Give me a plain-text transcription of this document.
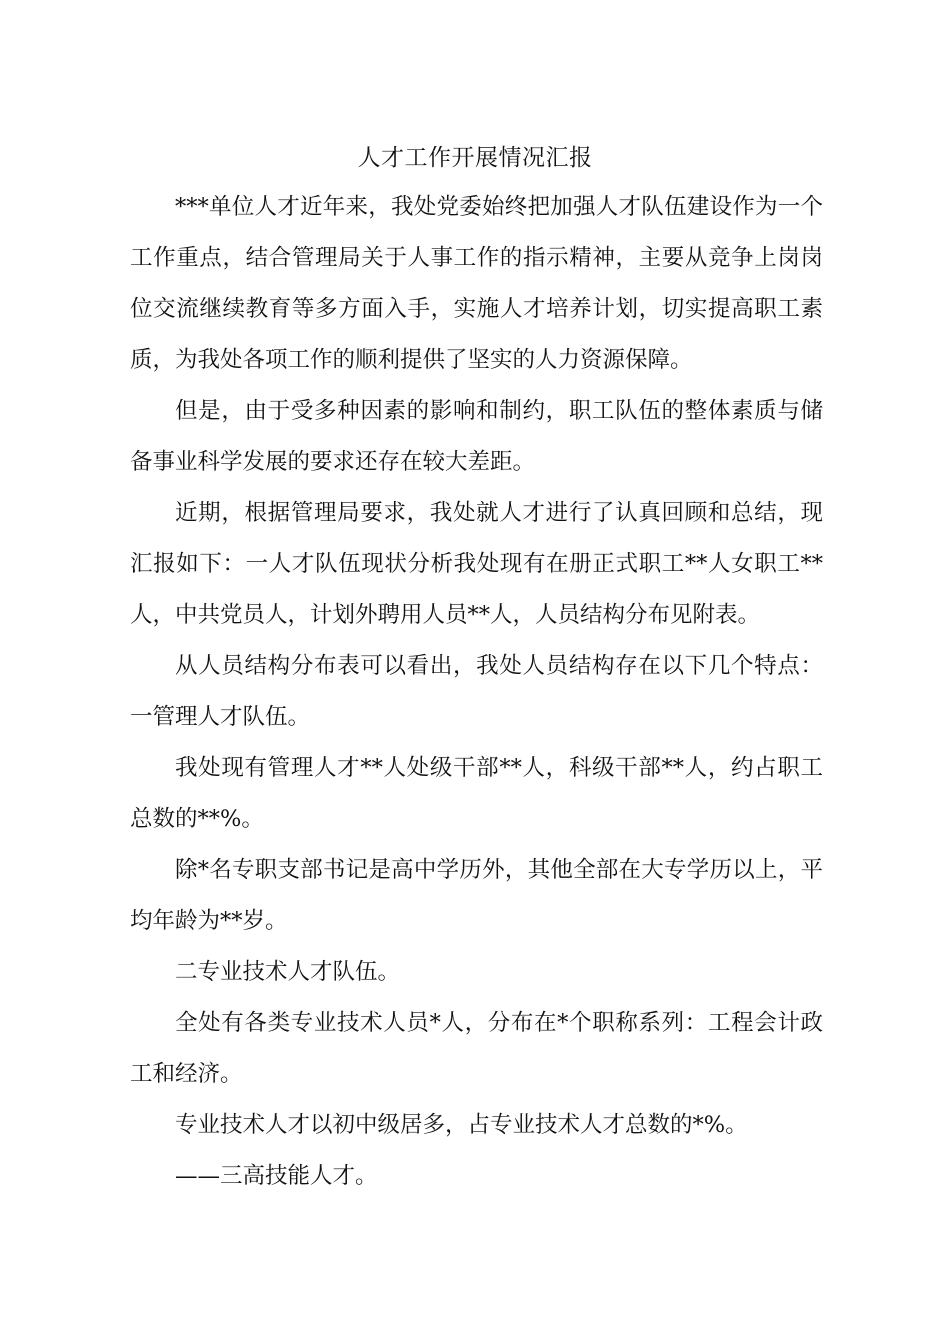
人才工作开展情况汇报

***单位人才近年来，我处党委始终把加强人才队伍建设作为一个工作重点，结合管理局关于人事工作的指示精神，主要从竞争上岗岗位交流继续教育等多方面入手，实施人才培养计划，切实提高职工素质，为我处各项工作的顺利提供了坚实的人力资源保障。

但是，由于受多种因素的影响和制约，职工队伍的整体素质与储备事业科学发展的要求还存在较大差距。

近期，根据管理局要求，我处就人才进行了认真回顾和总结，现汇报如下：一人才队伍现状分析我处现有在册正式职工**人女职工**人，中共党员人，计划外聘用人员**人，人员结构分布见附表。

从人员结构分布表可以看出，我处人员结构存在以下几个特点：一管理人才队伍。

我处现有管理人才**人处级干部**人，科级干部**人，约占职工总数的**%。

除*名专职支部书记是高中学历外，其他全部在大专学历以上，平均年龄为**岁。

二专业技术人才队伍。

全处有各类专业技术人员*人，分布在*个职称系列：工程会计政工和经济。

专业技术人才以初中级居多，占专业技术人才总数的*%。

——三高技能人才。
